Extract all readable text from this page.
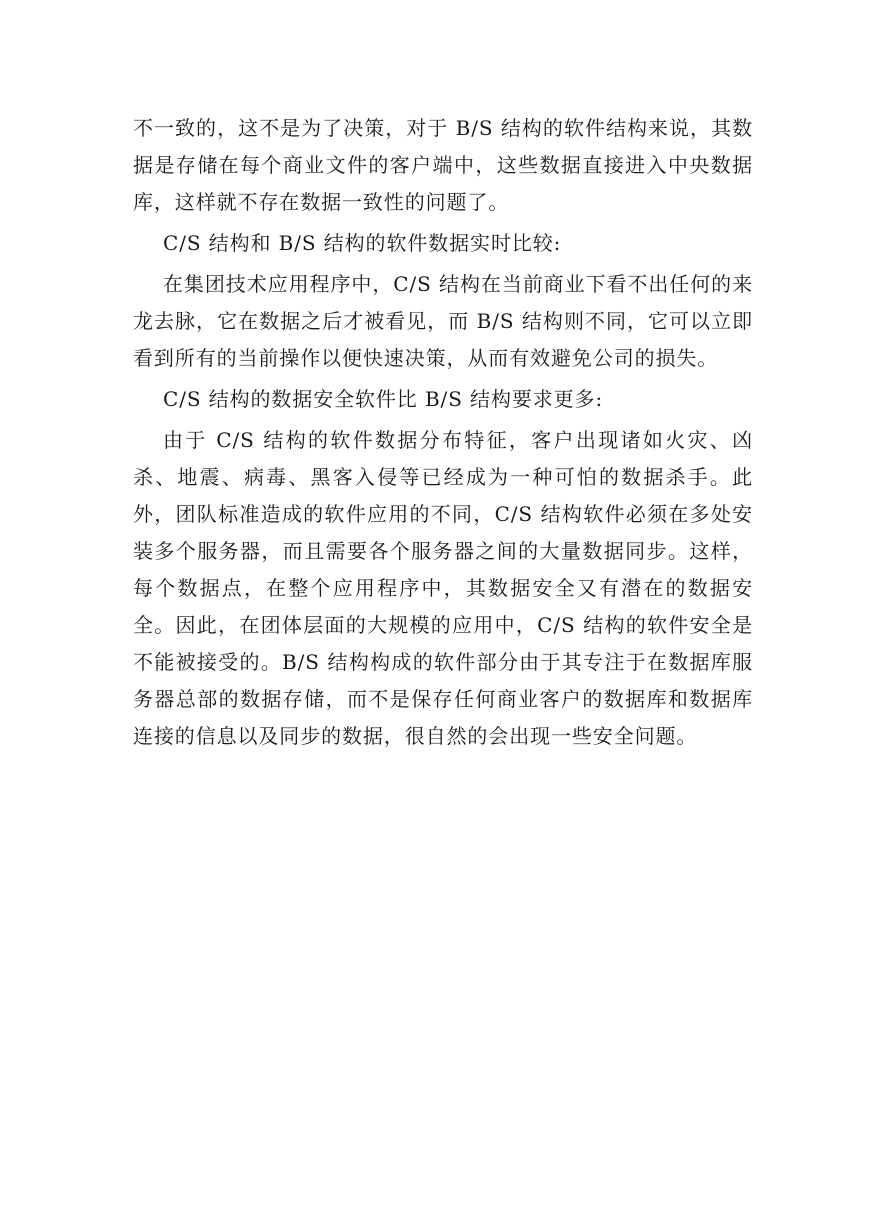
不一致的，这不是为了决策，对于 B/S 结构的软件结构来说，其数据是存储在每个商业文件的客户端中，这些数据直接进入中央数据库，这样就不存在数据一致性的问题了。

C/S 结构和 B/S 结构的软件数据实时比较:

在集团技术应用程序中，C/S 结构在当前商业下看不出任何的来龙去脉，它在数据之后才被看见，而 B/S 结构则不同，它可以立即看到所有的当前操作以便快速决策，从而有效避免公司的损失。

C/S 结构的数据安全软件比 B/S 结构要求更多:

由于 C/S 结构的软件数据分布特征，客户出现诸如火灾、凶杀、地震、病毒、黑客入侵等已经成为一种可怕的数据杀手。此外，团队标准造成的软件应用的不同，C/S 结构软件必须在多处安装多个服务器，而且需要各个服务器之间的大量数据同步。这样，每个数据点，在整个应用程序中，其数据安全又有潜在的数据安全。因此，在团体层面的大规模的应用中，C/S 结构的软件安全是不能被接受的。B/S 结构构成的软件部分由于其专注于在数据库服务器总部的数据存储，而不是保存任何商业客户的数据库和数据库连接的信息以及同步的数据，很自然的会出现一些安全问题。
